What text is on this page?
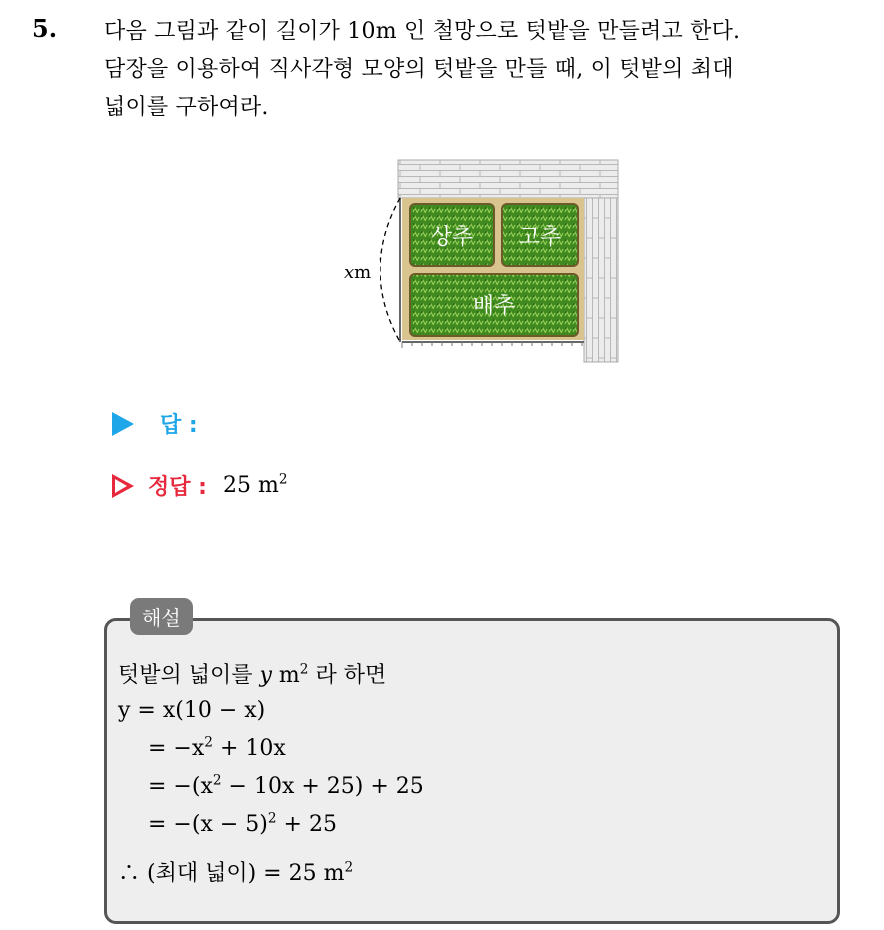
5. 다음 그림과 같이 길이가 10m 인 철망으로 텃밭을 만들려고 한다.
담장을 이용하여 직사각형 모양의 텃밭을 만들 때, 이 텃밭의 최대
넓이를 구하여라.
상추 고추
배추
xm
답 :
정답 : 25 $m^2$
해설
텃밭의 넓이를 y $m^2$ 라 하면
y = x(10 − x)
= $-x^2 + 10x$
= $-(x^2 - 10x + 25) + 25$
= $-(x - 5)^2 + 25$
∴ (최대 넓이) = 25 $m^2$
